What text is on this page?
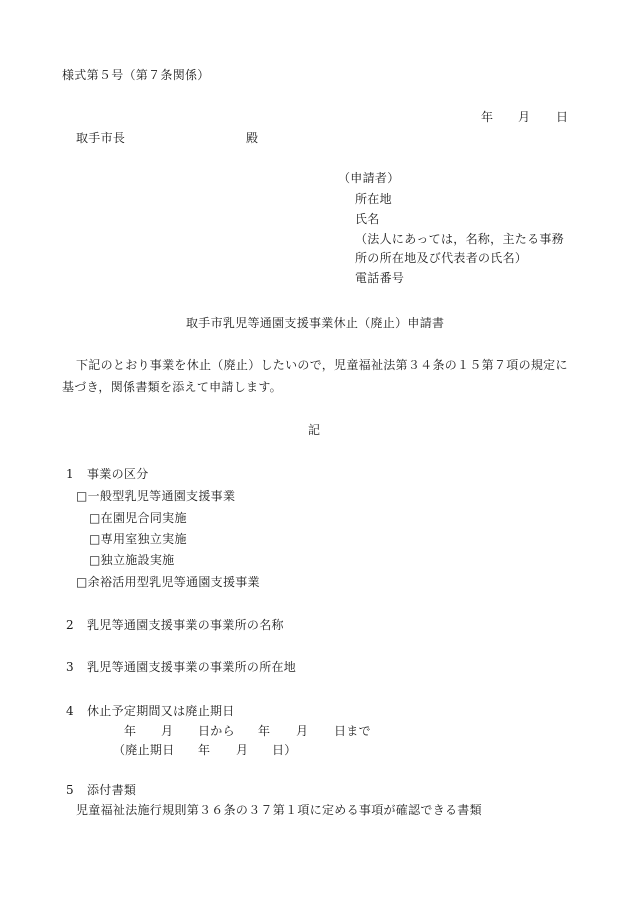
様式第５号（第７条関係）
年 月 日
取手市長	殿
（申請者）
所在地
氏名
（法人にあっては，名称，主たる事務
所の所在地及び代表者の氏名）
電話番号
取手市乳児等通園支援事業休止（廃止）申請書
下記のとおり事業を休止（廃止）したいので，児童福祉法第３４条の１５第７項の規定に
基づき，関係書類を添えて申請します。
記
1 事業の区分
□一般型乳児等通園支援事業
□在園児合同実施
□専用室独立実施
□独立施設実施
□余裕活用型乳児等通園支援事業
2 乳児等通園支援事業の事業所の名称
3 乳児等通園支援事業の事業所の所在地
4 休止予定期間又は廃止期日
年 月 日から 年 月 日まで
（廃止期日 年 月 日）
5 添付書類
児童福祉法施行規則第３６条の３７第１項に定める事項が確認できる書類
